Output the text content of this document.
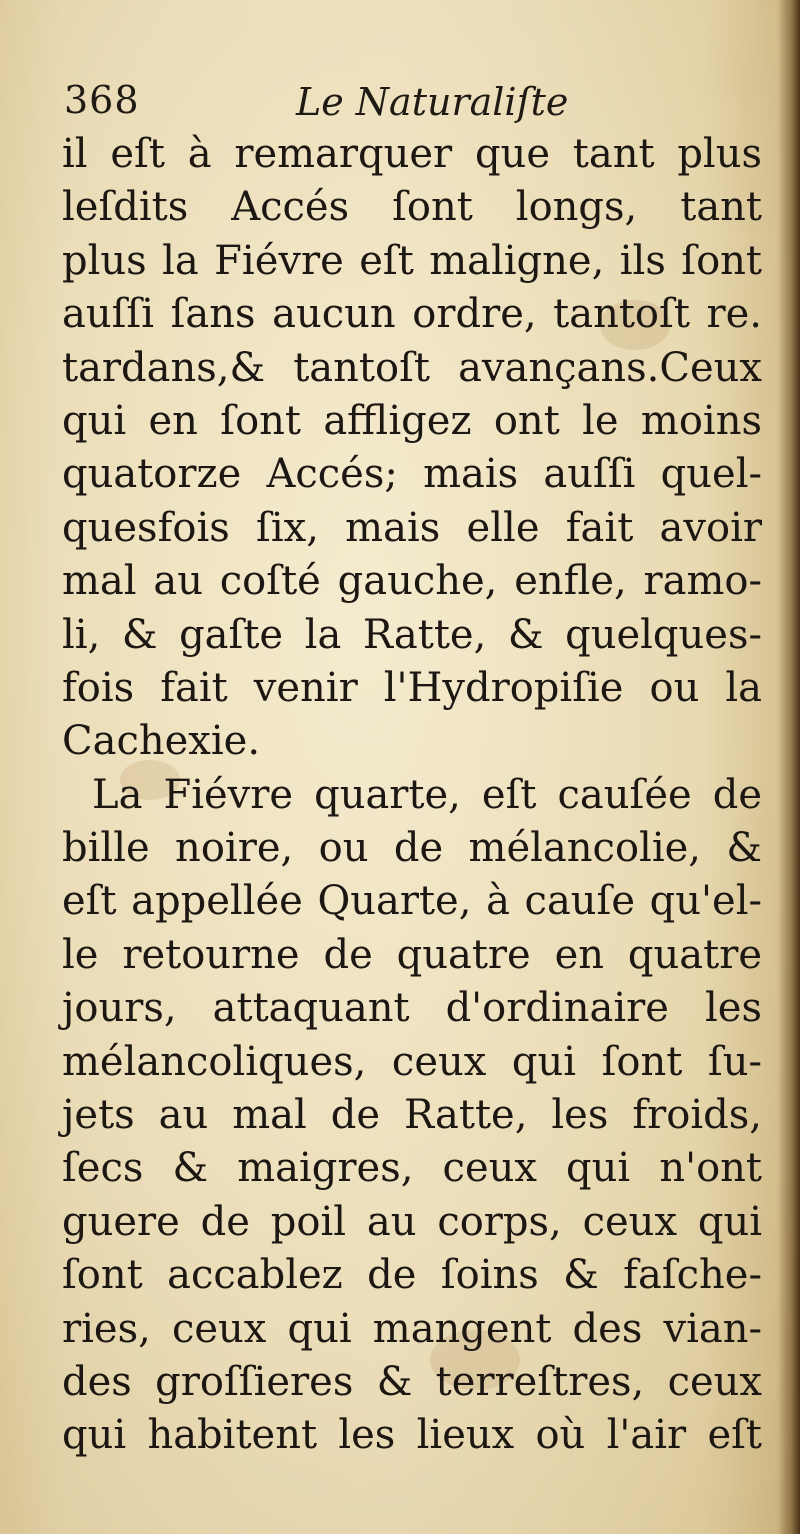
368	Le Naturaliſte
il eſt à remarquer que tant plus
leſdits Accés ſont longs, tant
plus la Fiévre eſt maligne, ils ſont
auſſi ſans aucun ordre, tantoſt re.
tardans,& tantoſt avançans.Ceux
qui en ſont affligez ont le moins
quatorze Accés; mais auſſi quel-
quesfois ſix, mais elle fait avoir
mal au coſté gauche, enfle, ramo-
li, & gaſte la Ratte, & quelques-
fois fait venir l'Hydropiſie ou la
Cachexie.
La Fiévre quarte, eſt cauſée de
bille noire, ou de mélancolie, &
eſt appellée Quarte, à cauſe qu'el-
le retourne de quatre en quatre
jours, attaquant d'ordinaire les
mélancoliques, ceux qui ſont ſu-
jets au mal de Ratte, les froids,
ſecs & maigres, ceux qui n'ont
guere de poil au corps, ceux qui
ſont accablez de ſoins & faſche-
ries, ceux qui mangent des vian-
des groſſieres & terreſtres, ceux
qui habitent les lieux où l'air eſt
